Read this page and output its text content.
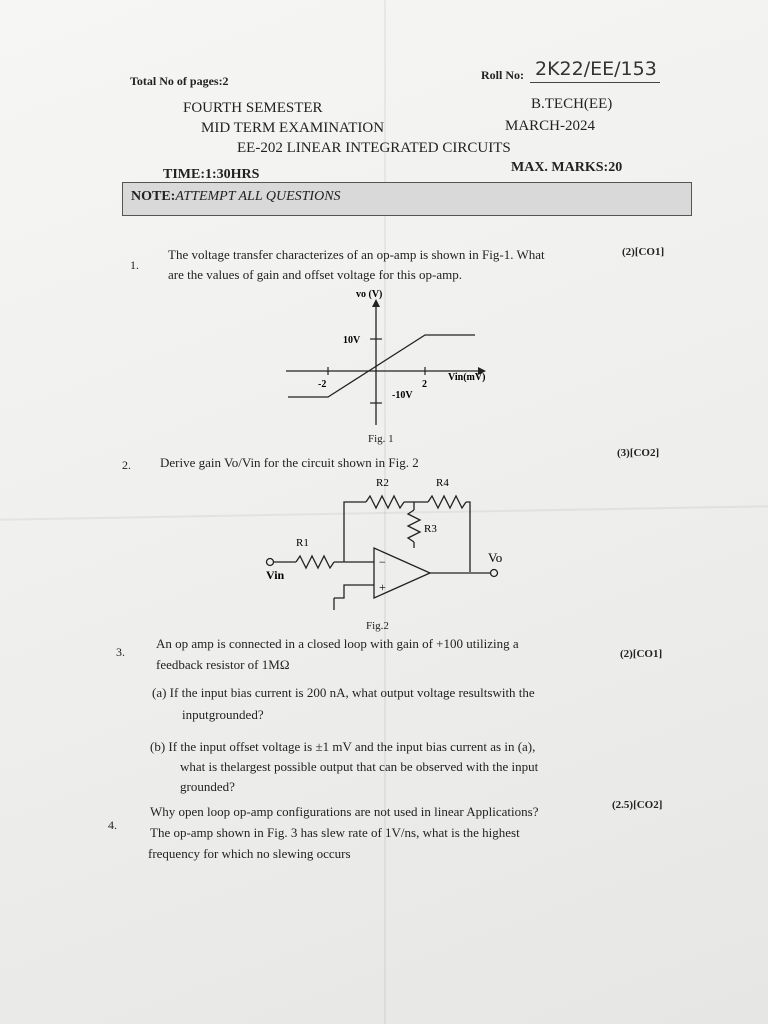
Total No of pages:2	Roll No: 2K22/EE/153
FOURTH SEMESTER	B.TECH(EE)
MID TERM EXAMINATION	MARCH-2024
EE-202 LINEAR INTEGRATED CIRCUITS
TIME:1:30HRS	MAX. MARKS:20
NOTE:ATTEMPT ALL QUESTIONS
1.
The voltage transfer characterizes of an op-amp is shown in Fig-1. What
are the values of gain and offset voltage for this op-amp.
(2)[CO1]
vo (V)
10V
-10V
-2	2
Vin(mV)
Fig. 1
2. Derive gain Vo/Vin for the circuit shown in Fig. 2
(3)[CO2]
R2	R4
R3
R1
Vin
Vo
−
+
Fig.2
3.
An op amp is connected in a closed loop with gain of +100 utilizing a
feedback resistor of 1MΩ
(2)[CO1]
(a) If the input bias current is 200 nA, what output voltage resultswith the
inputgrounded?
(b) If the input offset voltage is ±1 mV and the input bias current as in (a),
what is thelargest possible output that can be observed with the input
grounded?
4.
Why open loop op-amp configurations are not used in linear Applications?
The op-amp shown in Fig. 3 has slew rate of 1V/ns, what is the highest
frequency for which no slewing occurs
(2.5)[CO2]
